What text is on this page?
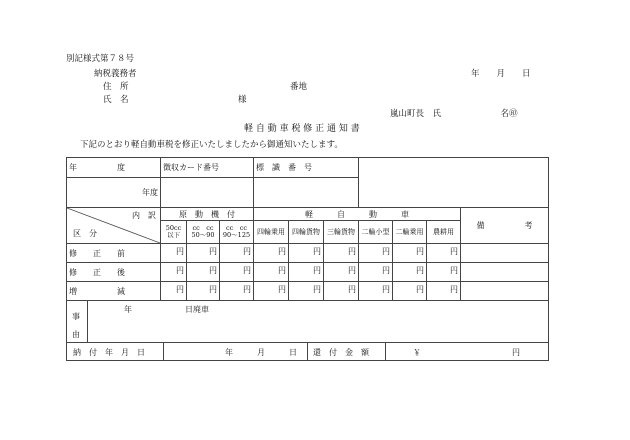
別記様式第７８号
納税義務者	年　　月　　日
住　所	番地
氏　名	様
嵐山町長　氏　　　　　　　名㊞
軽 自 動 車 税 修 正 通 知 書
下記のとおり軽自動車税を修正いたしましたから御通知いたします。
年　　　　　度	徴収カード番号			標　識　番　号						
年度										

内　訳
区　分	原　動　機　付			軽　　　自　　　動　　　車						備　　　　　考
	50cc 以下	cc　cc 50〜90	cc　cc 90〜125	四輪乗用	四輪貨物	三輪貨物	二輪小型	二輪乗用	農耕用	
修　　正　　前	円	円	円	円	円	円	円	円	円	
修　　正　　後	円	円	円	円	円	円	円	円	円	
増　　　　　減	円	円	円	円	円	円	円	円	円	

事
由
年 日廃車										

納　付　年　月　日 年　　　月　　　日 還　付　金　額 ￥ 円										
